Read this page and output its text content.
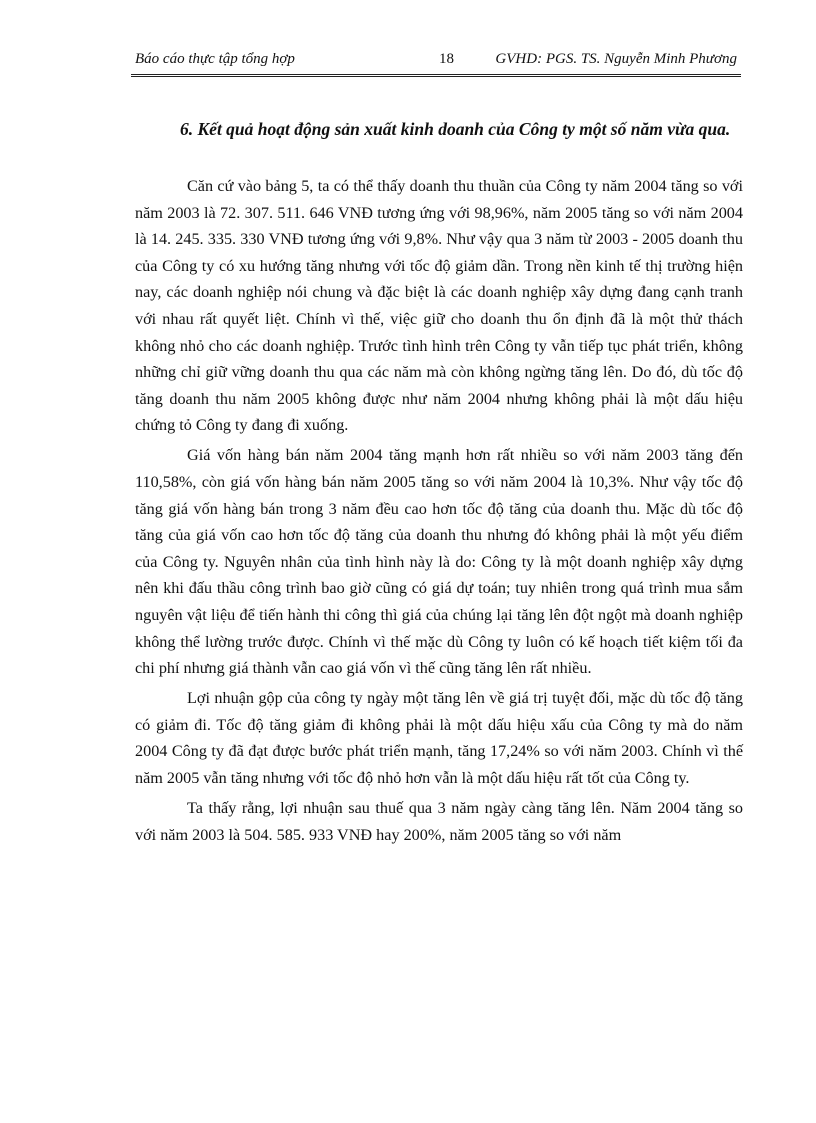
Báo cáo thực tập tổng hợp	18	GVHD: PGS. TS. Nguyễn Minh Phương
6. Kết quả hoạt động sản xuất kinh doanh của Công ty một số năm vừa qua.

Căn cứ vào bảng 5, ta có thể thấy doanh thu thuần của Công ty năm 2004 tăng so với năm 2003 là 72. 307. 511. 646 VNĐ tương ứng với 98,96%, năm 2005 tăng so với năm 2004 là 14. 245. 335. 330 VNĐ tương ứng với 9,8%. Như vậy qua 3 năm từ 2003 - 2005 doanh thu của Công ty có xu hướng tăng nhưng với tốc độ giảm dần. Trong nền kinh tế thị trường hiện nay, các doanh nghiệp nói chung và đặc biệt là các doanh nghiệp xây dựng đang cạnh tranh với nhau rất quyết liệt. Chính vì thế, việc giữ cho doanh thu ổn định đã là một thử thách không nhỏ cho các doanh nghiệp. Trước tình hình trên Công ty vẫn tiếp tục phát triển, không những chỉ giữ vững doanh thu qua các năm mà còn không ngừng tăng lên. Do đó, dù tốc độ tăng doanh thu năm 2005 không được như năm 2004 nhưng không phải là một dấu hiệu chứng tỏ Công ty đang đi xuống.

Giá vốn hàng bán năm 2004 tăng mạnh hơn rất nhiều so với năm 2003 tăng đến 110,58%, còn giá vốn hàng bán năm 2005 tăng so với năm 2004 là 10,3%. Như vậy tốc độ tăng giá vốn hàng bán trong 3 năm đều cao hơn tốc độ tăng của doanh thu. Mặc dù tốc độ tăng của giá vốn cao hơn tốc độ tăng của doanh thu nhưng đó không phải là một yếu điểm của Công ty. Nguyên nhân của tình hình này là do: Công ty là một doanh nghiệp xây dựng nên khi đấu thầu công trình bao giờ cũng có giá dự toán; tuy nhiên trong quá trình mua sắm nguyên vật liệu để tiến hành thi công thì giá của chúng lại tăng lên đột ngột mà doanh nghiệp không thể lường trước được. Chính vì thế mặc dù Công ty luôn có kế hoạch tiết kiệm tối đa chi phí nhưng giá thành vẫn cao giá vốn vì thế cũng tăng lên rất nhiều.

Lợi nhuận gộp của công ty ngày một tăng lên về giá trị tuyệt đối, mặc dù tốc độ tăng có giảm đi. Tốc độ tăng giảm đi không phải là một dấu hiệu xấu của Công ty mà do năm 2004 Công ty đã đạt được bước phát triển mạnh, tăng 17,24% so với năm 2003. Chính vì thế năm 2005 vẫn tăng nhưng với tốc độ nhỏ hơn vẫn là một dấu hiệu rất tốt của Công ty.

Ta thấy rằng, lợi nhuận sau thuế qua 3 năm ngày càng tăng lên. Năm 2004 tăng so với năm 2003 là 504. 585. 933 VNĐ hay 200%, năm 2005 tăng so với năm
